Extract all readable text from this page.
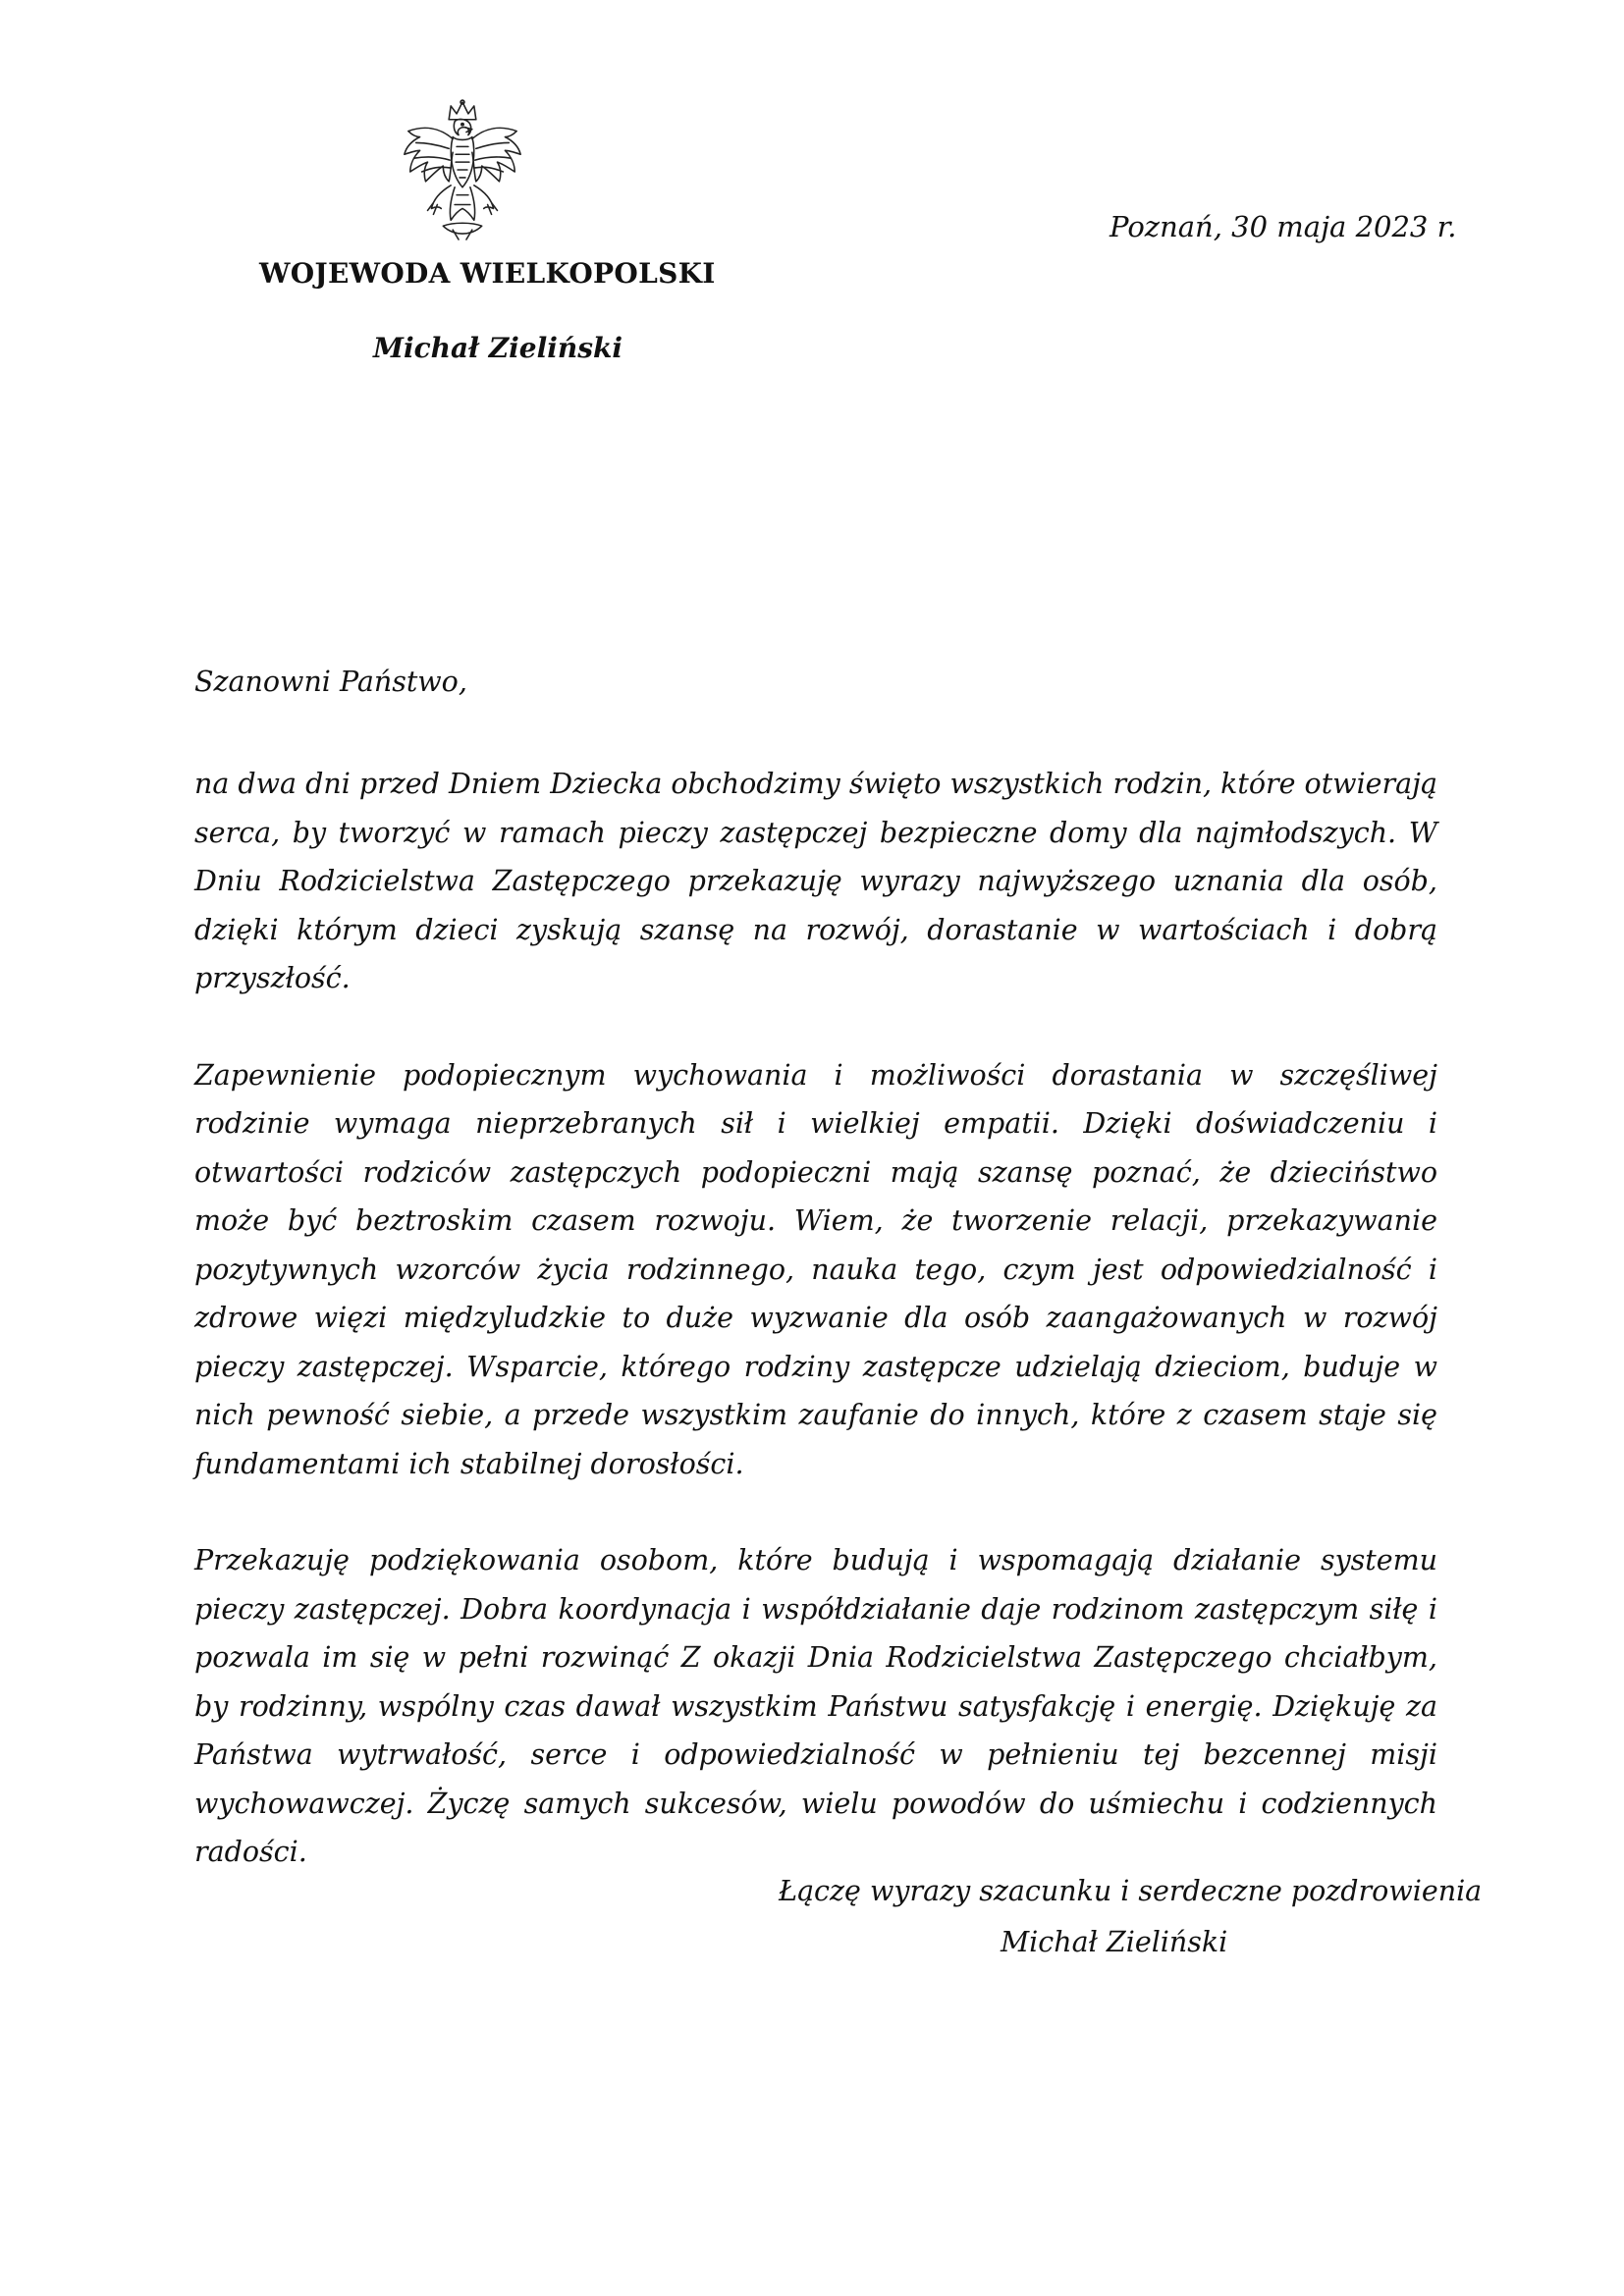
WOJEWODA WIELKOPOLSKI
Michał Zieliński
Poznań, 30 maja 2023 r.
Szanowni Państwo,

na dwa dni przed Dniem Dziecka obchodzimy święto wszystkich rodzin, które otwierają serca, by tworzyć w ramach pieczy zastępczej bezpieczne domy dla najmłodszych. W Dniu Rodzicielstwa Zastępczego przekazuję wyrazy najwyższego uznania dla osób, dzięki którym dzieci zyskują szansę na rozwój, dorastanie w wartościach i dobrą przyszłość.

Zapewnienie podopiecznym wychowania i możliwości dorastania w szczęśliwej rodzinie wymaga nieprzebranych sił i wielkiej empatii. Dzięki doświadczeniu i otwartości rodziców zastępczych podopieczni mają szansę poznać, że dzieciństwo może być beztroskim czasem rozwoju. Wiem, że tworzenie relacji, przekazywanie pozytywnych wzorców życia rodzinnego, nauka tego, czym jest odpowiedzialność i zdrowe więzi międzyludzkie to duże wyzwanie dla osób zaangażowanych w rozwój pieczy zastępczej. Wsparcie, którego rodziny zastępcze udzielają dzieciom, buduje w nich pewność siebie, a przede wszystkim zaufanie do innych, które z czasem staje się fundamentami ich stabilnej dorosłości.

Przekazuję podziękowania osobom, które budują i wspomagają działanie systemu pieczy zastępczej. Dobra koordynacja i współdziałanie daje rodzinom zastępczym siłę i pozwala im się w pełni rozwinąć Z okazji Dnia Rodzicielstwa Zastępczego chciałbym, by rodzinny, wspólny czas dawał wszystkim Państwu satysfakcję i energię. Dziękuję za Państwa wytrwałość, serce i odpowiedzialność w pełnieniu tej bezcennej misji wychowawczej. Życzę samych sukcesów, wielu powodów do uśmiechu i codziennych radości.

Łączę wyrazy szacunku i serdeczne pozdrowienia
Michał Zieliński
